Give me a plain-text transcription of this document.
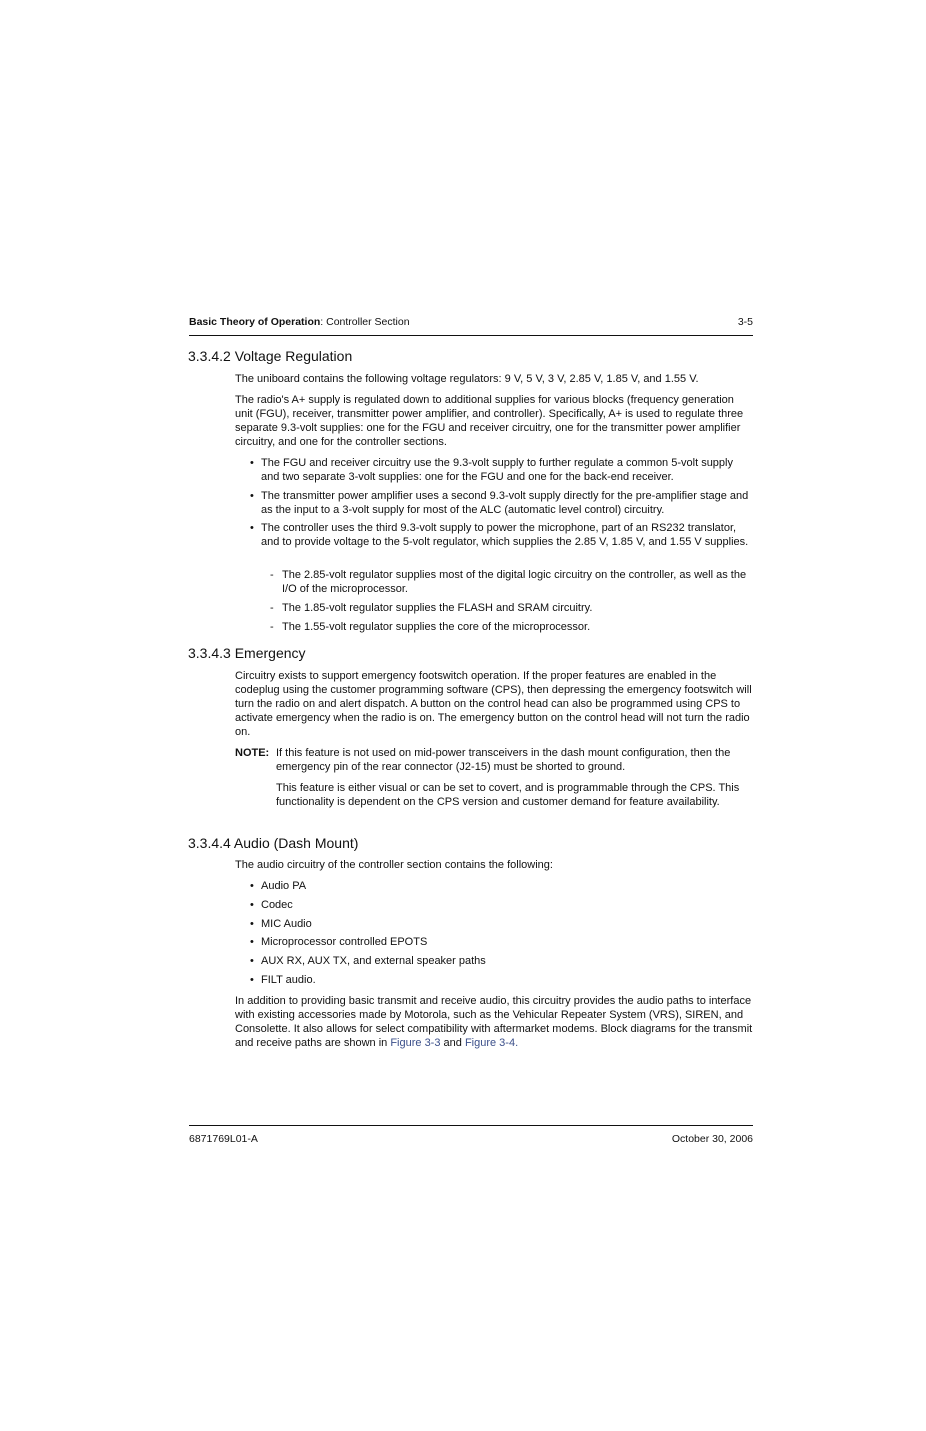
Basic Theory of Operation: Controller Section	3-5
3.3.4.2 Voltage Regulation
The uniboard contains the following voltage regulators: 9 V, 5 V, 3 V, 2.85 V, 1.85 V, and 1.55 V.
The radio's A+ supply is regulated down to additional supplies for various blocks (frequency generation unit (FGU), receiver, transmitter power amplifier, and controller). Specifically, A+ is used to regulate three separate 9.3-volt supplies: one for the FGU and receiver circuitry, one for the transmitter power amplifier circuitry, and one for the controller sections.
• The FGU and receiver circuitry use the 9.3-volt supply to further regulate a common 5-volt supply and two separate 3-volt supplies: one for the FGU and one for the back-end receiver.
• The transmitter power amplifier uses a second 9.3-volt supply directly for the pre-amplifier stage and as the input to a 3-volt supply for most of the ALC (automatic level control) circuitry.
• The controller uses the third 9.3-volt supply to power the microphone, part of an RS232 translator, and to provide voltage to the 5-volt regulator, which supplies the 2.85 V, 1.85 V, and 1.55 V supplies.
- The 2.85-volt regulator supplies most of the digital logic circuitry on the controller, as well as the I/O of the microprocessor.
- The 1.85-volt regulator supplies the FLASH and SRAM circuitry.
- The 1.55-volt regulator supplies the core of the microprocessor.
3.3.4.3 Emergency
Circuitry exists to support emergency footswitch operation. If the proper features are enabled in the codeplug using the customer programming software (CPS), then depressing the emergency footswitch will turn the radio on and alert dispatch. A button on the control head can also be programmed using CPS to activate emergency when the radio is on. The emergency button on the control head will not turn the radio on.
NOTE: If this feature is not used on mid-power transceivers in the dash mount configuration, then the emergency pin of the rear connector (J2-15) must be shorted to ground.
This feature is either visual or can be set to covert, and is programmable through the CPS. This functionality is dependent on the CPS version and customer demand for feature availability.
3.3.4.4 Audio (Dash Mount)
The audio circuitry of the controller section contains the following:
• Audio PA
• Codec
• MIC Audio
• Microprocessor controlled EPOTS
• AUX RX, AUX TX, and external speaker paths
• FILT audio.
In addition to providing basic transmit and receive audio, this circuitry provides the audio paths to interface with existing accessories made by Motorola, such as the Vehicular Repeater System (VRS), SIREN, and Consolette. It also allows for select compatibility with aftermarket modems. Block diagrams for the transmit and receive paths are shown in Figure 3-3 and Figure 3-4.
6871769L01-A	October 30, 2006
